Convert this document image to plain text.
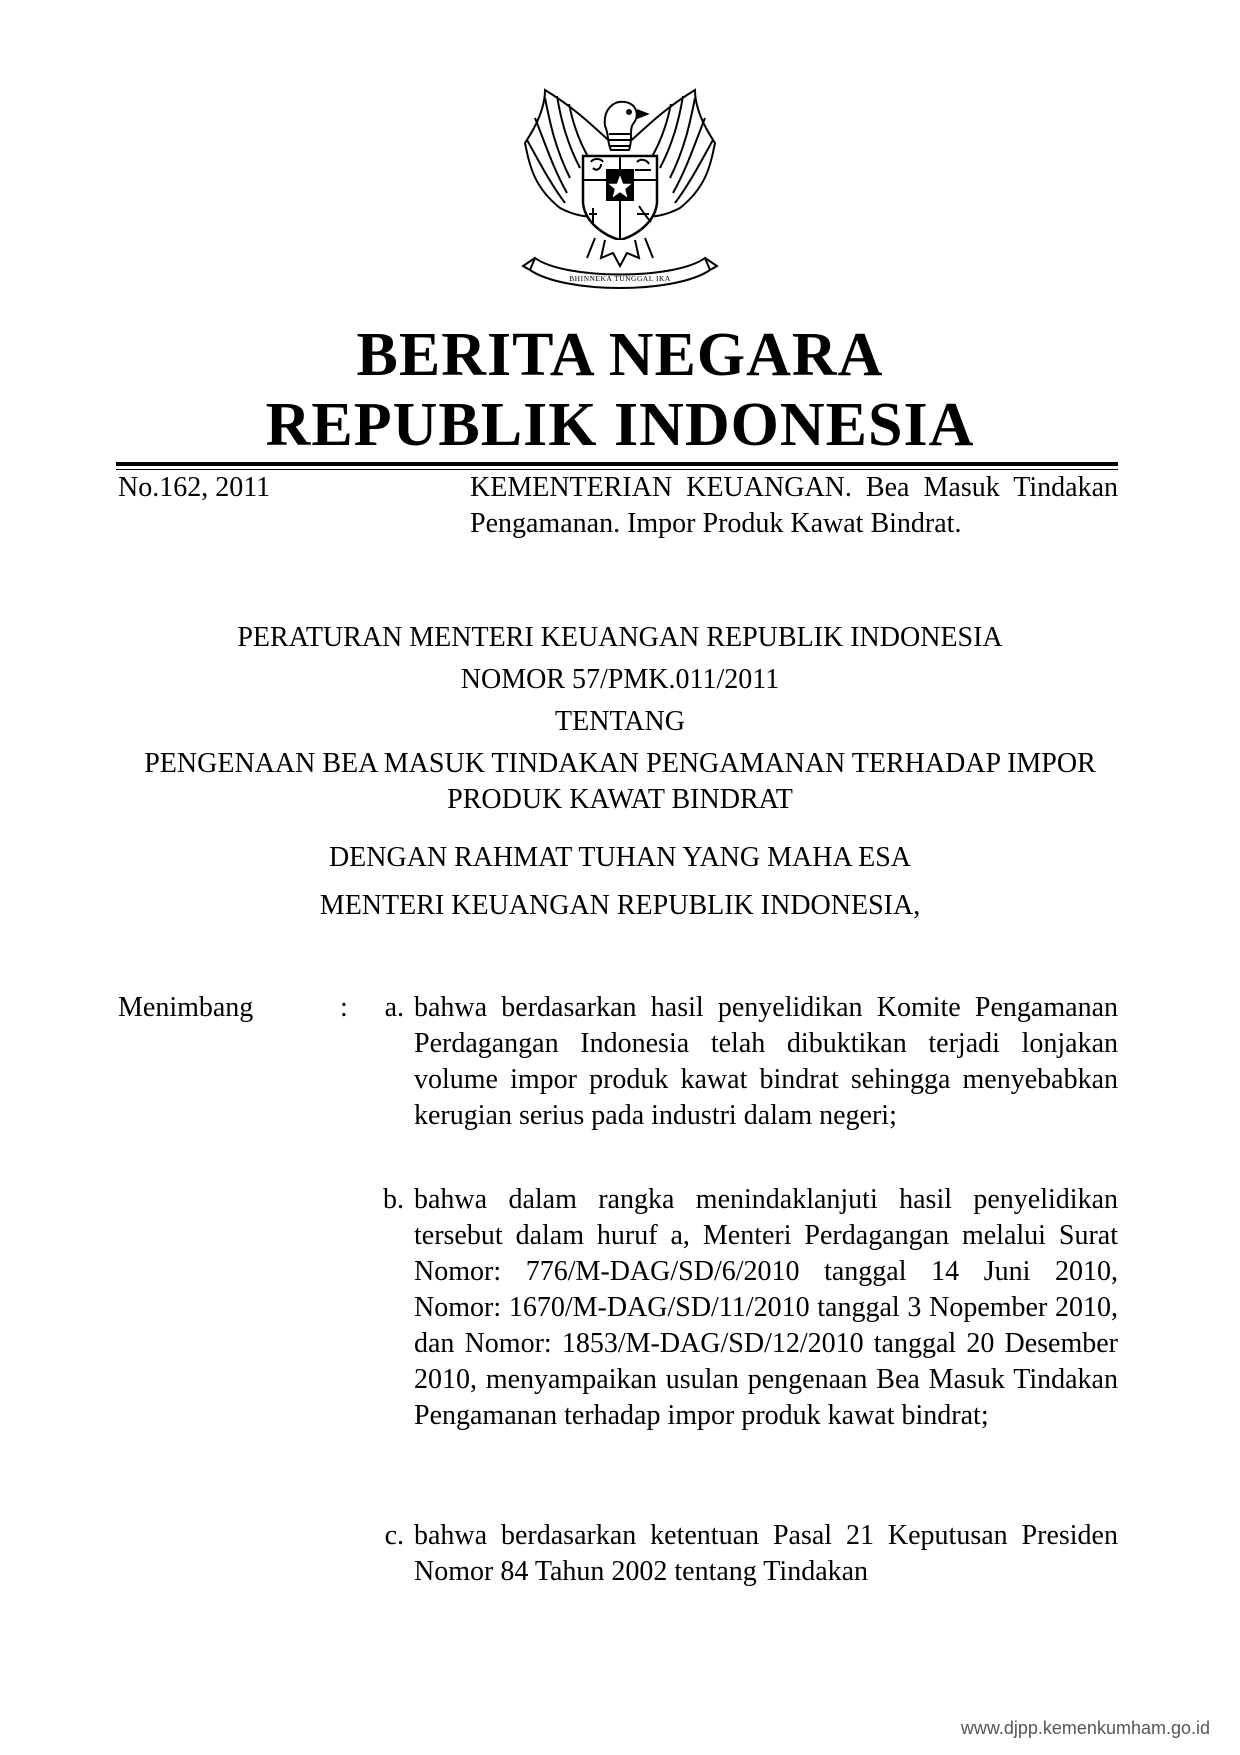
BHINNEKA TUNGGAL IKA
BERITA NEGARA
REPUBLIK INDONESIA
No.162, 2011	KEMENTERIAN KEUANGAN. Bea Masuk Tindakan Pengamanan. Impor Produk Kawat Bindrat.
PERATURAN MENTERI KEUANGAN REPUBLIK INDONESIA
NOMOR 57/PMK.011/2011
TENTANG
PENGENAAN BEA MASUK TINDAKAN PENGAMANAN TERHADAP IMPOR PRODUK KAWAT BINDRAT
DENGAN RAHMAT TUHAN YANG MAHA ESA
MENTERI KEUANGAN REPUBLIK INDONESIA,
Menimbang	:	a. bahwa berdasarkan hasil penyelidikan Komite Pengamanan Perdagangan Indonesia telah dibuktikan terjadi lonjakan volume impor produk kawat bindrat sehingga menyebabkan kerugian serius pada industri dalam negeri;
b. bahwa dalam rangka menindaklanjuti hasil penyelidikan tersebut dalam huruf a, Menteri Perdagangan melalui Surat Nomor: 776/M-DAG/SD/6/2010 tanggal 14 Juni 2010, Nomor: 1670/M-DAG/SD/11/2010 tanggal 3 Nopember 2010, dan Nomor: 1853/M-DAG/SD/12/2010 tanggal 20 Desember 2010, menyampaikan usulan pengenaan Bea Masuk Tindakan Pengamanan terhadap impor produk kawat bindrat;
c. bahwa berdasarkan ketentuan Pasal 21 Keputusan Presiden Nomor 84 Tahun 2002 tentang Tindakan
www.djpp.kemenkumham.go.id
